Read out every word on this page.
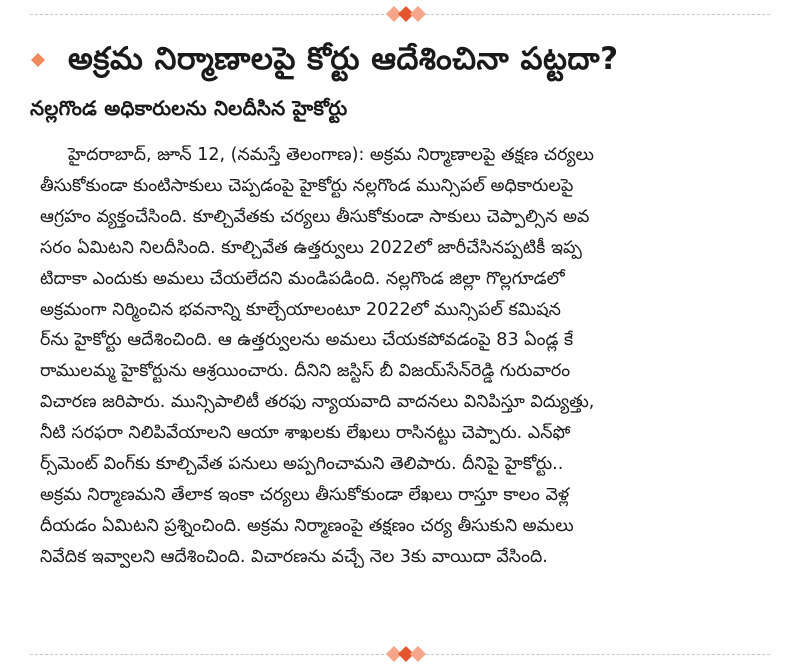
అక్రమ నిర్మాణాలపై కోర్టు ఆదేశించినా పట్టదా?
నల్లగొండ అధికారులను నిలదీసిన హైకోర్టు
హైదరాబాద్, జూన్ 12, (నమస్తే తెలంగాణ): అక్రమ నిర్మాణాలపై తక్షణ చర్యలు
తీసుకోకుండా కుంటిసాకులు చెప్పడంపై హైకోర్టు నల్లగొండ మున్సిపల్ అధికారులపై
ఆగ్రహం వ్యక్తంచేసింది. కూల్చివేతకు చర్యలు తీసుకోకుండా సాకులు చెప్పాల్సిన అవ
సరం ఏమిటని నిలదీసింది. కూల్చివేత ఉత్తర్వులు 2022లో జారీచేసినప్పటికీ ఇప్ప
టిదాకా ఎందుకు అమలు చేయలేదని మండిపడింది. నల్లగొండ జిల్లా గొల్లగూడలో
అక్రమంగా నిర్మించిన భవనాన్ని కూల్చేయాలంటూ 2022లో మున్సిపల్ కమిషన
ర్‌ను హైకోర్టు ఆదేశించింది. ఆ ఉత్తర్వులను అమలు చేయకపోవడంపై 83 ఏండ్ల కే
రాములమ్మ హైకోర్టును ఆశ్రయించారు. దీనిని జస్టిస్ బీ విజయ్‌సేన్‌రెడ్డి గురువారం
విచారణ జరిపారు. మున్సిపాలిటీ తరఫు న్యాయవాది వాదనలు వినిపిస్తూ విద్యుత్తు,
నీటి సరఫరా నిలిపివేయాలని ఆయా శాఖలకు లేఖలు రాసినట్టు చెప్పారు. ఎన్‌ఫో
ర్స్‌మెంట్ వింగ్‌కు కూల్చివేత పనులు అప్పగించామని తెలిపారు. దీనిపై హైకోర్టు..
అక్రమ నిర్మాణమని తేలాక ఇంకా చర్యలు తీసుకోకుండా లేఖలు రాస్తూ కాలం వెళ్ల
దీయడం ఏమిటని ప్రశ్నించింది. అక్రమ నిర్మాణంపై తక్షణం చర్య తీసుకుని అమలు
నివేదిక ఇవ్వాలని ఆదేశించింది. విచారణను వచ్చే నెల 3కు వాయిదా వేసింది.
